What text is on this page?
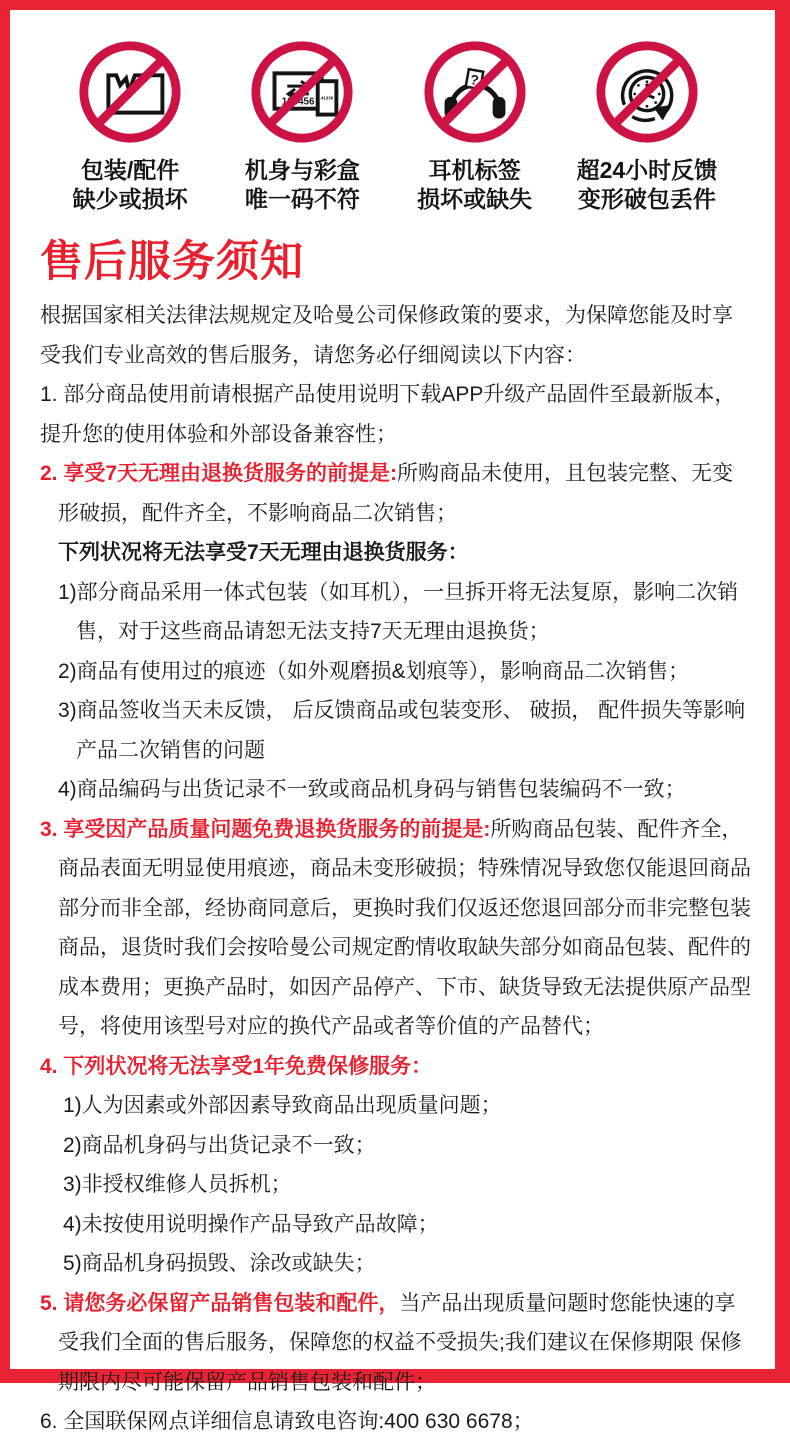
包装/配件
缺少或损坏
123456 41336
机身与彩盒
唯一码不符
?
耳机标签
损坏或缺失
超24小时反馈
变形破包丢件
售后服务须知
根据国家相关法律法规规定及哈曼公司保修政策的要求，为保障您能及时享受我们专业高效的售后服务，请您务必仔细阅读以下内容：
1. 部分商品使用前请根据产品使用说明下载APP升级产品固件至最新版本，提升您的使用体验和外部设备兼容性；
2. 享受7天无理由退换货服务的前提是:所购商品未使用，且包装完整、无变形破损，配件齐全，不影响商品二次销售；
下列状况将无法享受7天无理由退换货服务：
1)部分商品采用一体式包装（如耳机），一旦拆开将无法复原，影响二次销售，对于这些商品请恕无法支持7天无理由退换货；
2)商品有使用过的痕迹（如外观磨损&划痕等），影响商品二次销售；
3)商品签收当天未反馈， 后反馈商品或包装变形、 破损， 配件损失等影响产品二次销售的问题
4)商品编码与出货记录不一致或商品机身码与销售包装编码不一致；
3. 享受因产品质量问题免费退换货服务的前提是:所购商品包装、配件齐全，商品表面无明显使用痕迹，商品未变形破损；特殊情况导致您仅能退回商品部分而非全部，经协商同意后，更换时我们仅返还您退回部分而非完整包装商品，退货时我们会按哈曼公司规定酌情收取缺失部分如商品包装、配件的成本费用；更换产品时，如因产品停产、下市、缺货导致无法提供原产品型号，将使用该型号对应的换代产品或者等价值的产品替代；
4. 下列状况将无法享受1年免费保修服务：
1)人为因素或外部因素导致商品出现质量问题；
2)商品机身码与出货记录不一致；
3)非授权维修人员拆机；
4)未按使用说明操作产品导致产品故障；
5)商品机身码损毁、涂改或缺失；
5. 请您务必保留产品销售包装和配件，当产品出现质量问题时您能快速的享受我们全面的售后服务，保障您的权益不受损失;我们建议在保修期限 保修期限内尽可能保留产品销售包装和配件；
6. 全国联保网点详细信息请致电咨询:400 630 6678；
